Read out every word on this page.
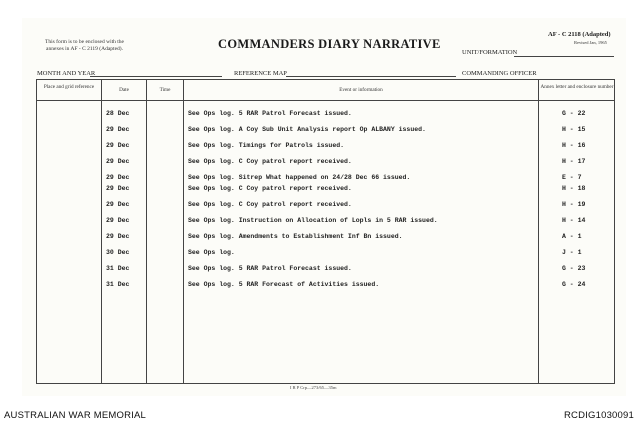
This form is to be enclosed with the annexes in AF - C 2119 (Adapted).	COMMANDERS DIARY NARRATIVE
AF - C 2118 (Adapted)
Revised Jan, 1965
UNIT/FORMATION
MONTH AND YEAR	REFERENCE MAP	COMMANDING OFFICER
Place and grid reference	Date	Time	Event or information	Annex letter and enclosure number
28 Dec	See Ops log. 5 RAR Patrol Forecast issued.	G - 22
29 Dec	See Ops log. A Coy Sub Unit Analysis report Op ALBANY issued.	H - 15
29 Dec	See Ops log. Timings for Patrols issued.	H - 16
29 Dec	See Ops log. C Coy patrol report received.	H - 17
29 Dec	See Ops log. Sitrep What happened on 24/28 Dec 66 issued.	E - 7
29 Dec	See Ops log. C Coy patrol report received.	H - 18
29 Dec	See Ops log. C Coy patrol report received.	H - 19
29 Dec	See Ops log. Instruction on Allocation of Lopls in 5 RAR issued.	H - 14
29 Dec	See Ops log. Amendments to Establishment Inf Bn issued.	A - 1
30 Dec	See Ops log.	J - 1
31 Dec	See Ops log. 5 RAR Patrol Forecast issued.	G - 23
31 Dec	See Ops log. 5 RAR Forecast of Activities issued.	G - 24
I R P Crp—273/65—35m
AUSTRALIAN WAR MEMORIAL	RCDIG1030091
